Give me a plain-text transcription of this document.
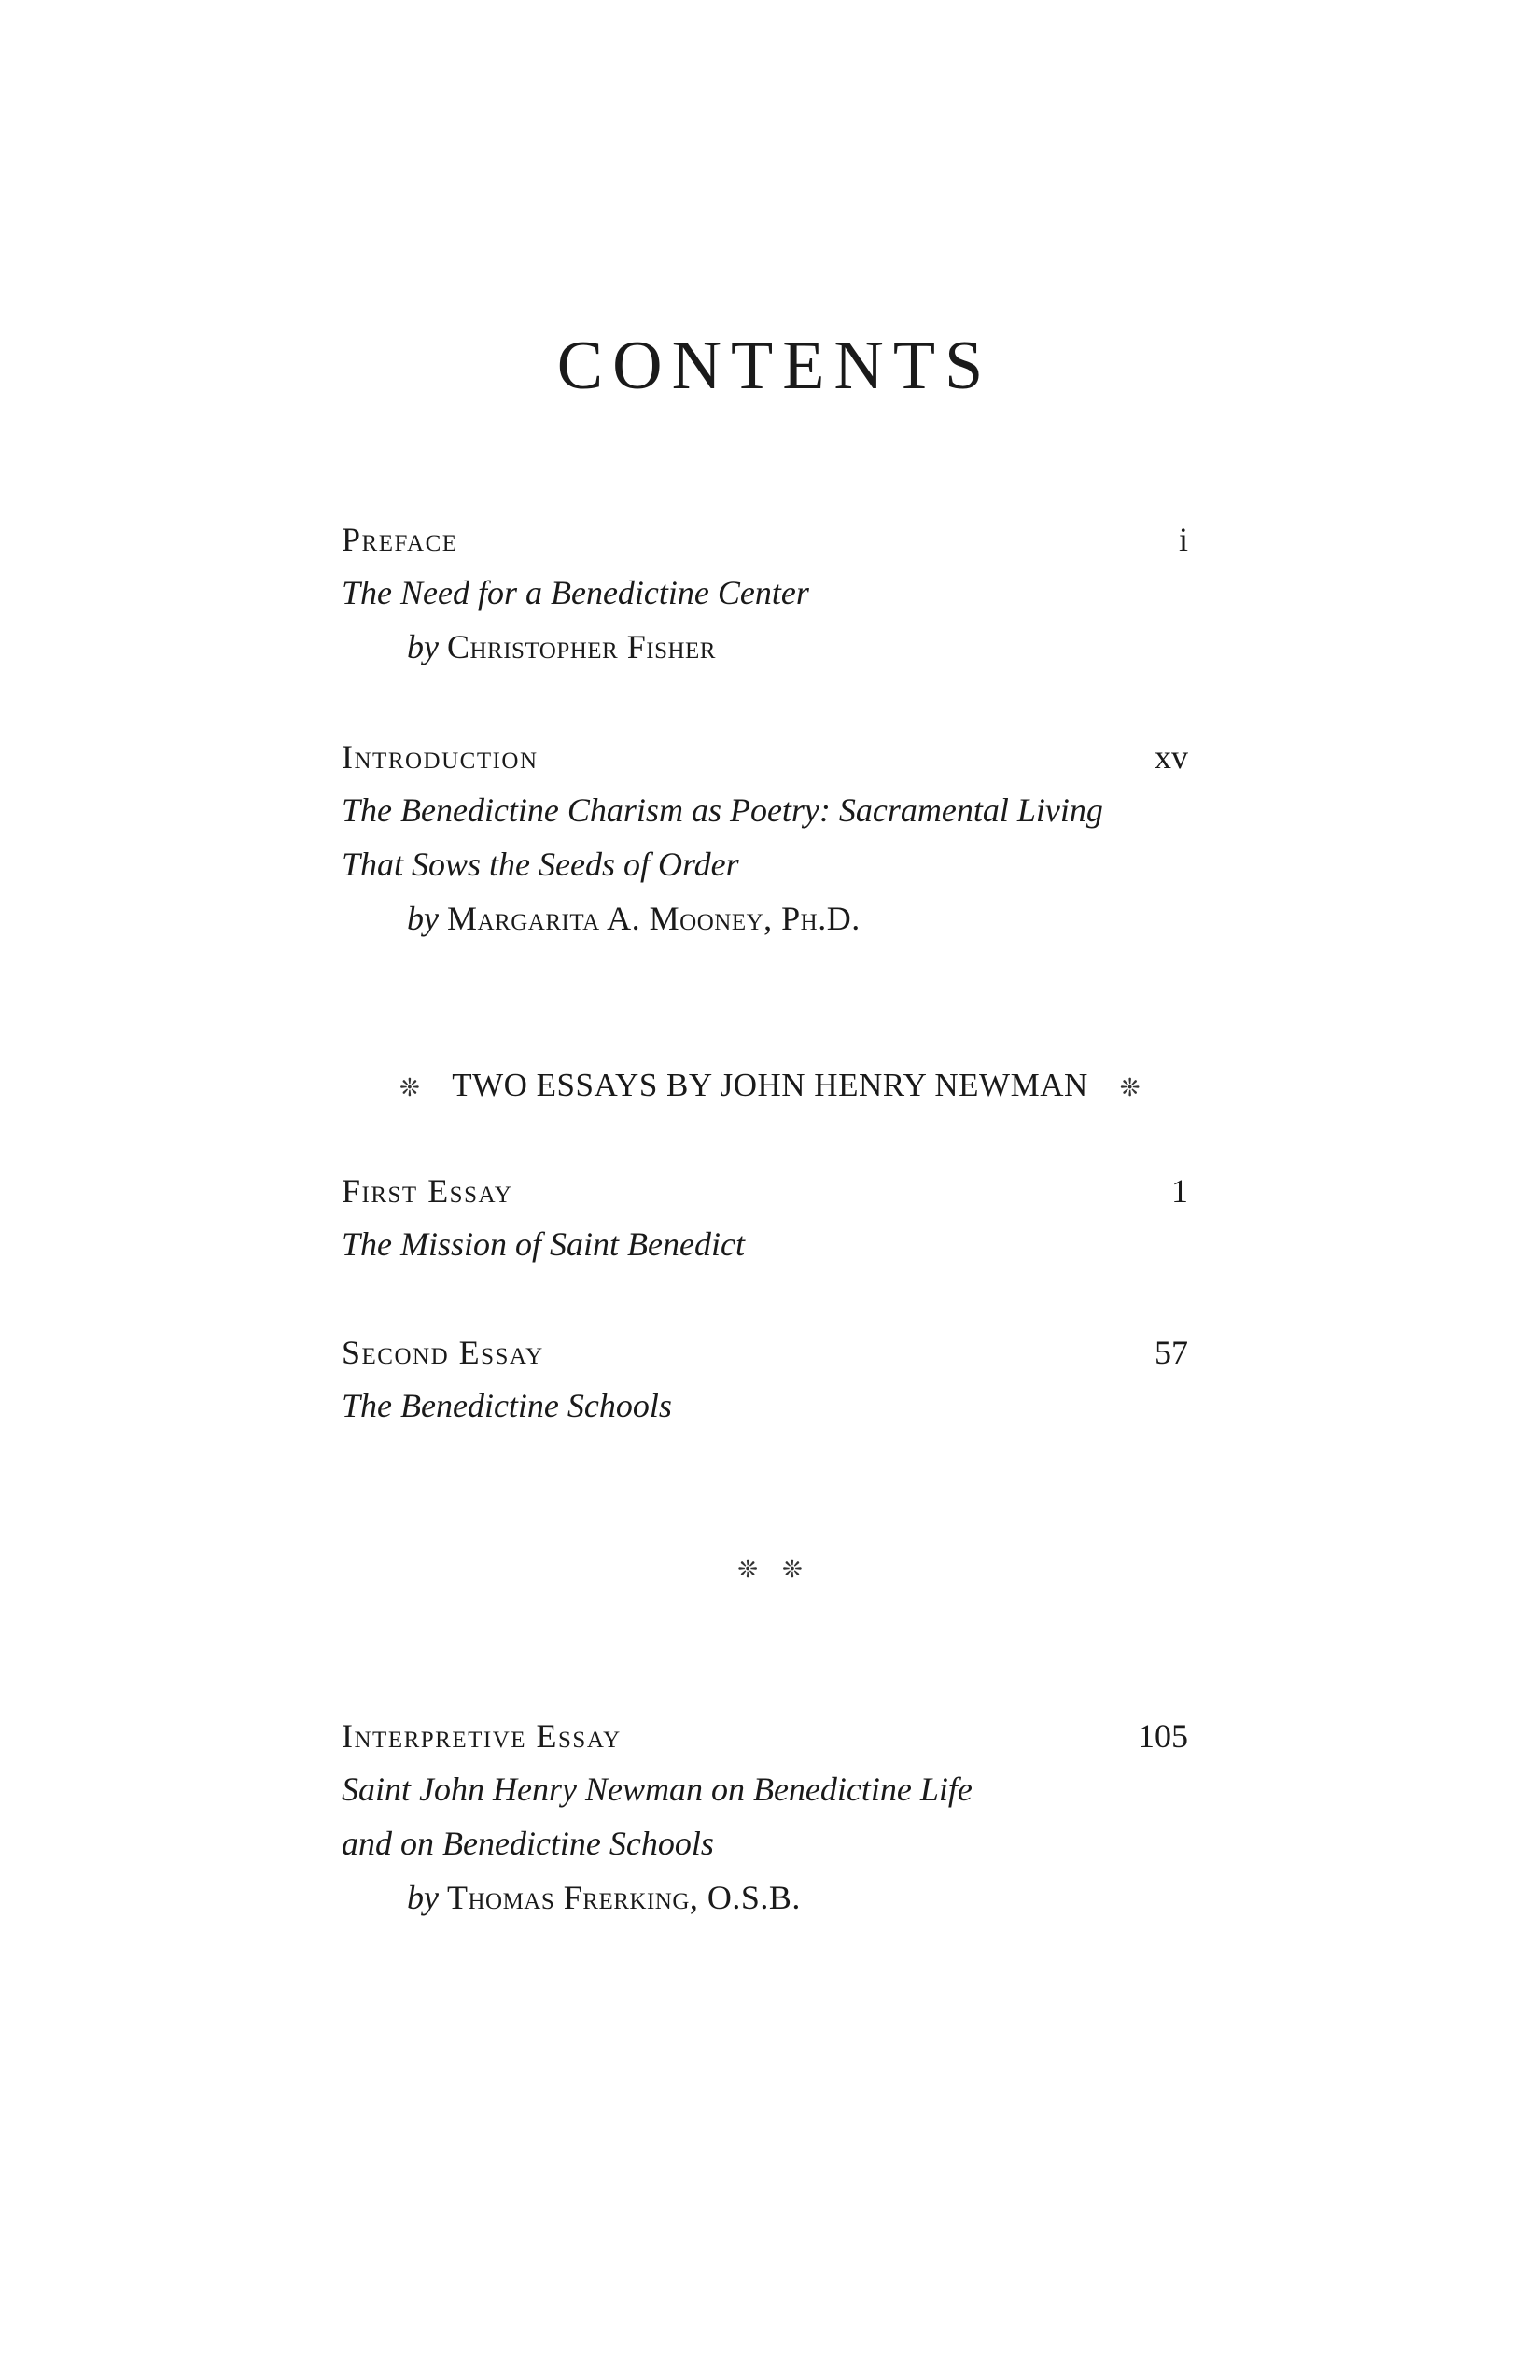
CONTENTS
Preface	i
The Need for a Benedictine Center
by Christopher Fisher
Introduction	xv
The Benedictine Charism as Poetry: Sacramental Living
That Sows the Seeds of Order
by Margarita A. Mooney, Ph.D.
First Essay	1
The Mission of Saint Benedict
Second Essay	57
The Benedictine Schools
Interpretive Essay	105
Saint John Henry Newman on Benedictine Life
and on Benedictine Schools
by Thomas Frerking, O.S.B.
❊ TWO ESSAYS BY JOHN HENRY NEWMAN ❊
❊ ❊
